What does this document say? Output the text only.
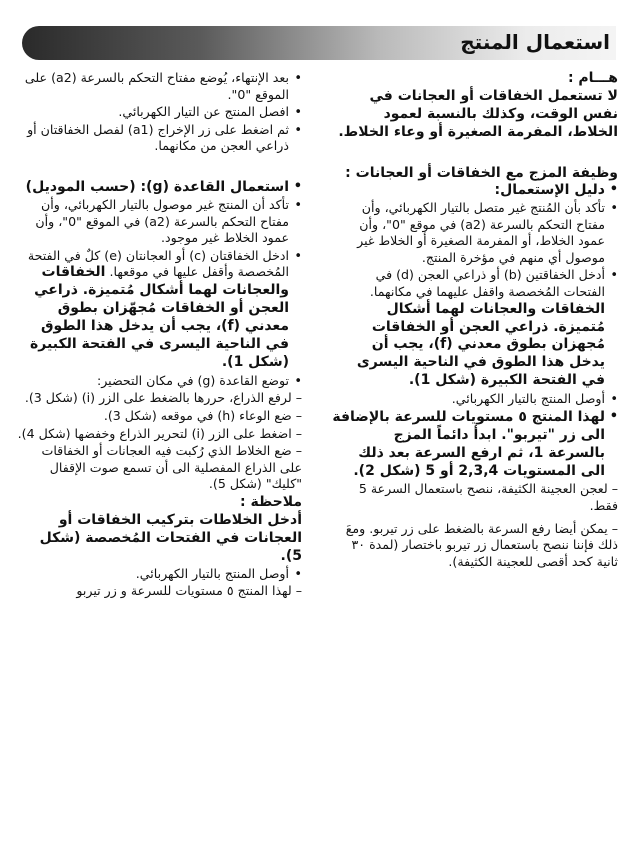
استعمال المنتج
هـــام :
لا تستعمل الخفاقات أو العجانات في نفس الوقت، وكذلك بالنسبة لعمود الخلاط، المفرمة الصغيرة أو وعاء الخلاط.
وظيفة المزج مع الخفاقات أو العجانات :
• دليل الإستعمال:
• تأكد بأن المُنتج غير متصل بالتيار الكهربائي، وأن مفتاح التحكم بالسرعة (a2) في موقع "0"، وأن عمود الخلاط، أو المفرمة الصغيرة أو الخلاط غير موصول أي منهم في مؤخرة المنتج.
• أدخل الخفاقتين (b) أو ذراعي العجن (d) في الفتحات المُخصصة واقفل عليهما في مكانهما. الخفاقات والعجانات لهما أشكال مُتميزة. ذراعي العجن أو الخفاقات مُجهزان بطوق معدني (f)، يجب أن يدخل هذا الطوق في الناحية اليسرى في الفتحة الكبيرة (شكل 1).
• أوصل المنتج بالتيار الكهربائي.
• لهذا المنتج ٥ مستويات للسرعة بالإضافة الى زر "تيربو". ابدأ دائماً المزج بالسرعة 1، ثم ارفع السرعة بعد ذلك الى المستويات 2,3,4 أو 5 (شكل 2).
– لعجن العجينة الكثيفة، ننصح باستعمال السرعة 5 فقط.
– يمكن أيضا رفع السرعة بالضغط على زر تيربو. ومعَ ذلك فإننا ننصح باستعمال زر تيربو باختصار (لمدة ٣٠ ثانية كحد أقصى للعجينة الكثيفة).
• بعد الإنتهاء، يُوضع مفتاح التحكم بالسرعة (a2) على الموقع "0".
• افصل المنتج عن التيار الكهربائي.
• ثم اضغط على زر الإخراج (a1) لفصل الخفاقتان أو ذراعي العجن من مكانهما.
• استعمال القاعدة (g): (حسب الموديل)
• تأكد أن المنتج غير موصول بالتيار الكهربائي، وأن مفتاح التحكم بالسرعة (a2) في الموقع "0"، وأن عمود الخلاط غير موجود.
• ادخل الخفاقتان (c) أو العجانتان (e) كلٌ في الفتحة المُخصصة وأقفل عليها في موقعها. الخفاقات والعجانات لهما أشكال مُتميزة. ذراعي العجن أو الخفاقات مُجهّزان بطوق معدني (f)، يجب أن يدخل هذا الطوق في الناحية اليسرى في الفتحة الكبيرة (شكل 1).
• توضع القاعدة (g) في مكان التحضير:
– لرفع الذراع، حررها بالضغط على الزر (i) (شكل 3).
– ضع الوعاء (h) في موقعه (شكل 3).
– اضغط على الزر (i) لتحرير الذراع وخفضها (شكل 4).
– ضع الخلاط الذي رُكبت فيه العجانات أو الخفاقات على الذراع المفصلية الى أن تسمع صوت الإقفال "كليك" (شكل 5).
ملاحظة :
أدخل الخلاطات بتركيب الخفاقات أو العجانات في الفتحات المُخصصة (شكل 5).
• أوصل المنتج بالتيار الكهربائي.
– لهذا المنتج ٥ مستويات للسرعة و زر تيربو
